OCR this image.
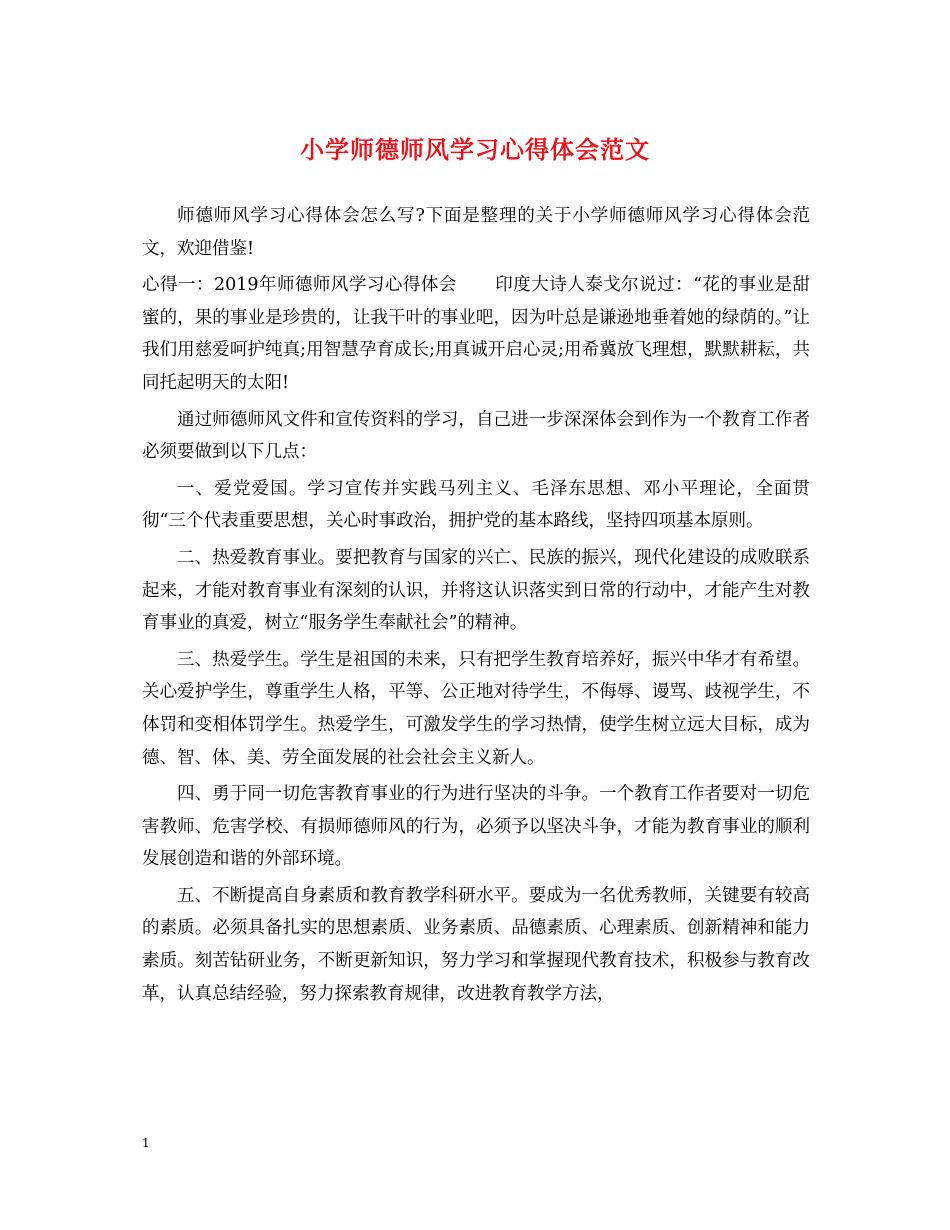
小学师德师风学习心得体会范文

师德师风学习心得体会怎么写?下面是整理的关于小学师德师风学习心得体会范文，欢迎借鉴!

心得一：2019年师德师风学习心得体会 印度大诗人泰戈尔说过：“花的事业是甜蜜的，果的事业是珍贵的，让我干叶的事业吧，因为叶总是谦逊地垂着她的绿荫的。”让我们用慈爱呵护纯真;用智慧孕育成长;用真诚开启心灵;用希冀放飞理想，默默耕耘，共同托起明天的太阳!

通过师德师风文件和宣传资料的学习，自己进一步深深体会到作为一个教育工作者必须要做到以下几点：

一、爱党爱国。学习宣传并实践马列主义、毛泽东思想、邓小平理论，全面贯彻“三个代表重要思想，关心时事政治，拥护党的基本路线，坚持四项基本原则。

二、热爱教育事业。要把教育与国家的兴亡、民族的振兴，现代化建设的成败联系起来，才能对教育事业有深刻的认识，并将这认识落实到日常的行动中，才能产生对教育事业的真爱，树立“服务学生奉献社会”的精神。

三、热爱学生。学生是祖国的未来，只有把学生教育培养好，振兴中华才有希望。关心爱护学生，尊重学生人格，平等、公正地对待学生，不侮辱、谩骂、歧视学生，不体罚和变相体罚学生。热爱学生，可激发学生的学习热情，使学生树立远大目标，成为德、智、体、美、劳全面发展的社会社会主义新人。

四、勇于同一切危害教育事业的行为进行坚决的斗争。一个教育工作者要对一切危害教师、危害学校、有损师德师风的行为，必须予以坚决斗争，才能为教育事业的顺利发展创造和谐的外部环境。

五、不断提高自身素质和教育教学科研水平。要成为一名优秀教师，关键要有较高的素质。必须具备扎实的思想素质、业务素质、品德素质、心理素质、创新精神和能力素质。刻苦钻研业务，不断更新知识，努力学习和掌握现代教育技术，积极参与教育改革，认真总结经验，努力探索教育规律，改进教育教学方法，

1
